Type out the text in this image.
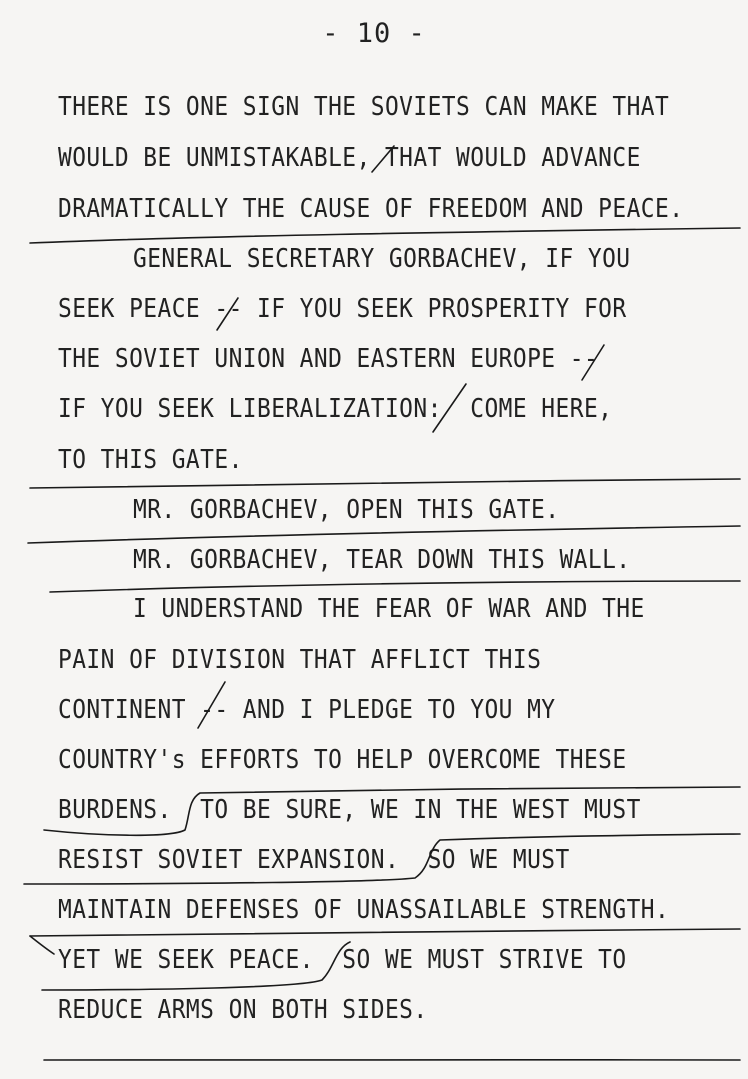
- 10 -
THERE IS ONE SIGN THE SOVIETS CAN MAKE THAT
WOULD BE UNMISTAKABLE, THAT WOULD ADVANCE
DRAMATICALLY THE CAUSE OF FREEDOM AND PEACE.
GENERAL SECRETARY GORBACHEV, IF YOU
SEEK PEACE -- IF YOU SEEK PROSPERITY FOR
THE SOVIET UNION AND EASTERN EUROPE --
IF YOU SEEK LIBERALIZATION:  COME HERE,
TO THIS GATE.
MR. GORBACHEV, OPEN THIS GATE.
MR. GORBACHEV, TEAR DOWN THIS WALL.
I UNDERSTAND THE FEAR OF WAR AND THE
PAIN OF DIVISION THAT AFFLICT THIS
CONTINENT -- AND I PLEDGE TO YOU MY
COUNTRY's EFFORTS TO HELP OVERCOME THESE
BURDENS.  TO BE SURE, WE IN THE WEST MUST
RESIST SOVIET EXPANSION.  SO WE MUST
MAINTAIN DEFENSES OF UNASSAILABLE STRENGTH.
YET WE SEEK PEACE.  SO WE MUST STRIVE TO
REDUCE ARMS ON BOTH SIDES.
